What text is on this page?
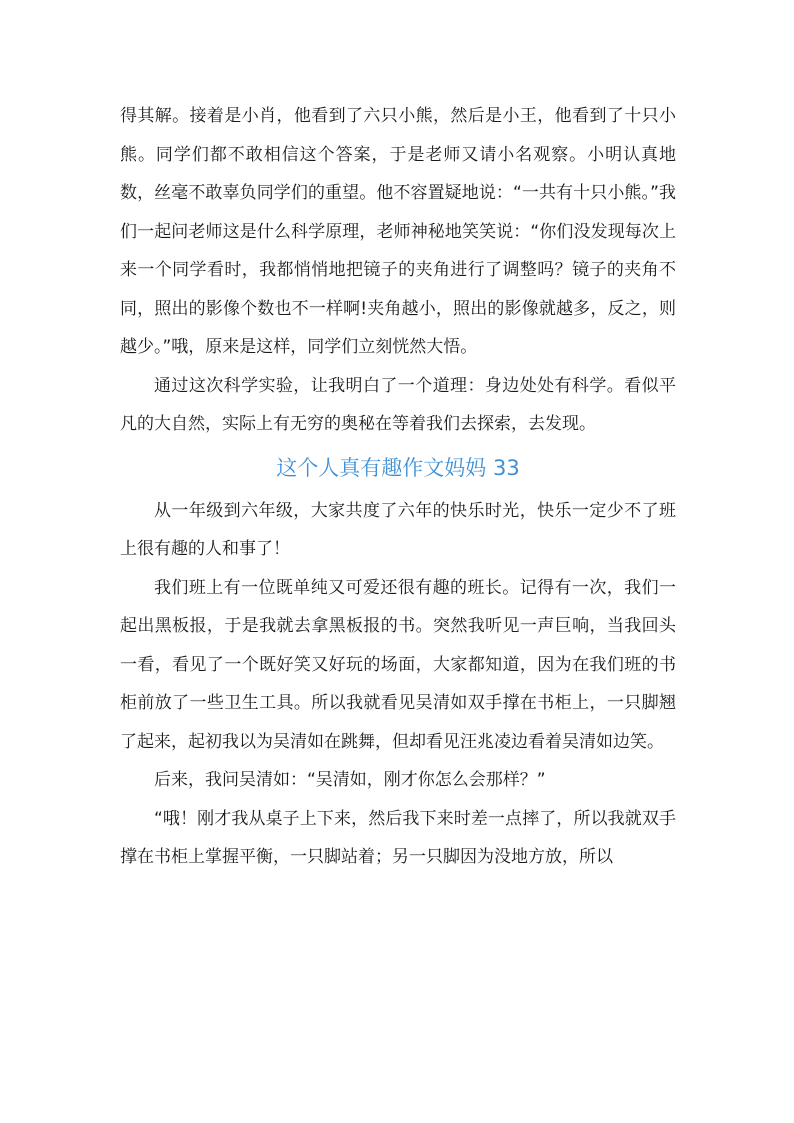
得其解。接着是小肖，他看到了六只小熊，然后是小王，他看到了十只小熊。同学们都不敢相信这个答案，于是老师又请小名观察。小明认真地数，丝毫不敢辜负同学们的重望。他不容置疑地说：“一共有十只小熊。”我们一起问老师这是什么科学原理，老师神秘地笑笑说：“你们没发现每次上来一个同学看时，我都悄悄地把镜子的夹角进行了调整吗？镜子的夹角不同，照出的影像个数也不一样啊!夹角越小，照出的影像就越多，反之，则越少。”哦，原来是这样，同学们立刻恍然大悟。

通过这次科学实验，让我明白了一个道理：身边处处有科学。看似平凡的大自然，实际上有无穷的奥秘在等着我们去探索，去发现。

这个人真有趣作文妈妈 33

从一年级到六年级，大家共度了六年的快乐时光，快乐一定少不了班上很有趣的人和事了！

我们班上有一位既单纯又可爱还很有趣的班长。记得有一次，我们一起出黑板报，于是我就去拿黑板报的书。突然我听见一声巨响，当我回头一看，看见了一个既好笑又好玩的场面，大家都知道，因为在我们班的书柜前放了一些卫生工具。所以我就看见吴清如双手撑在书柜上，一只脚翘了起来，起初我以为吴清如在跳舞，但却看见汪兆凌边看着吴清如边笑。

后来，我问吴清如：“吴清如，刚才你怎么会那样？”

“哦！刚才我从桌子上下来，然后我下来时差一点摔了，所以我就双手撑在书柜上掌握平衡，一只脚站着；另一只脚因为没地方放，所以
